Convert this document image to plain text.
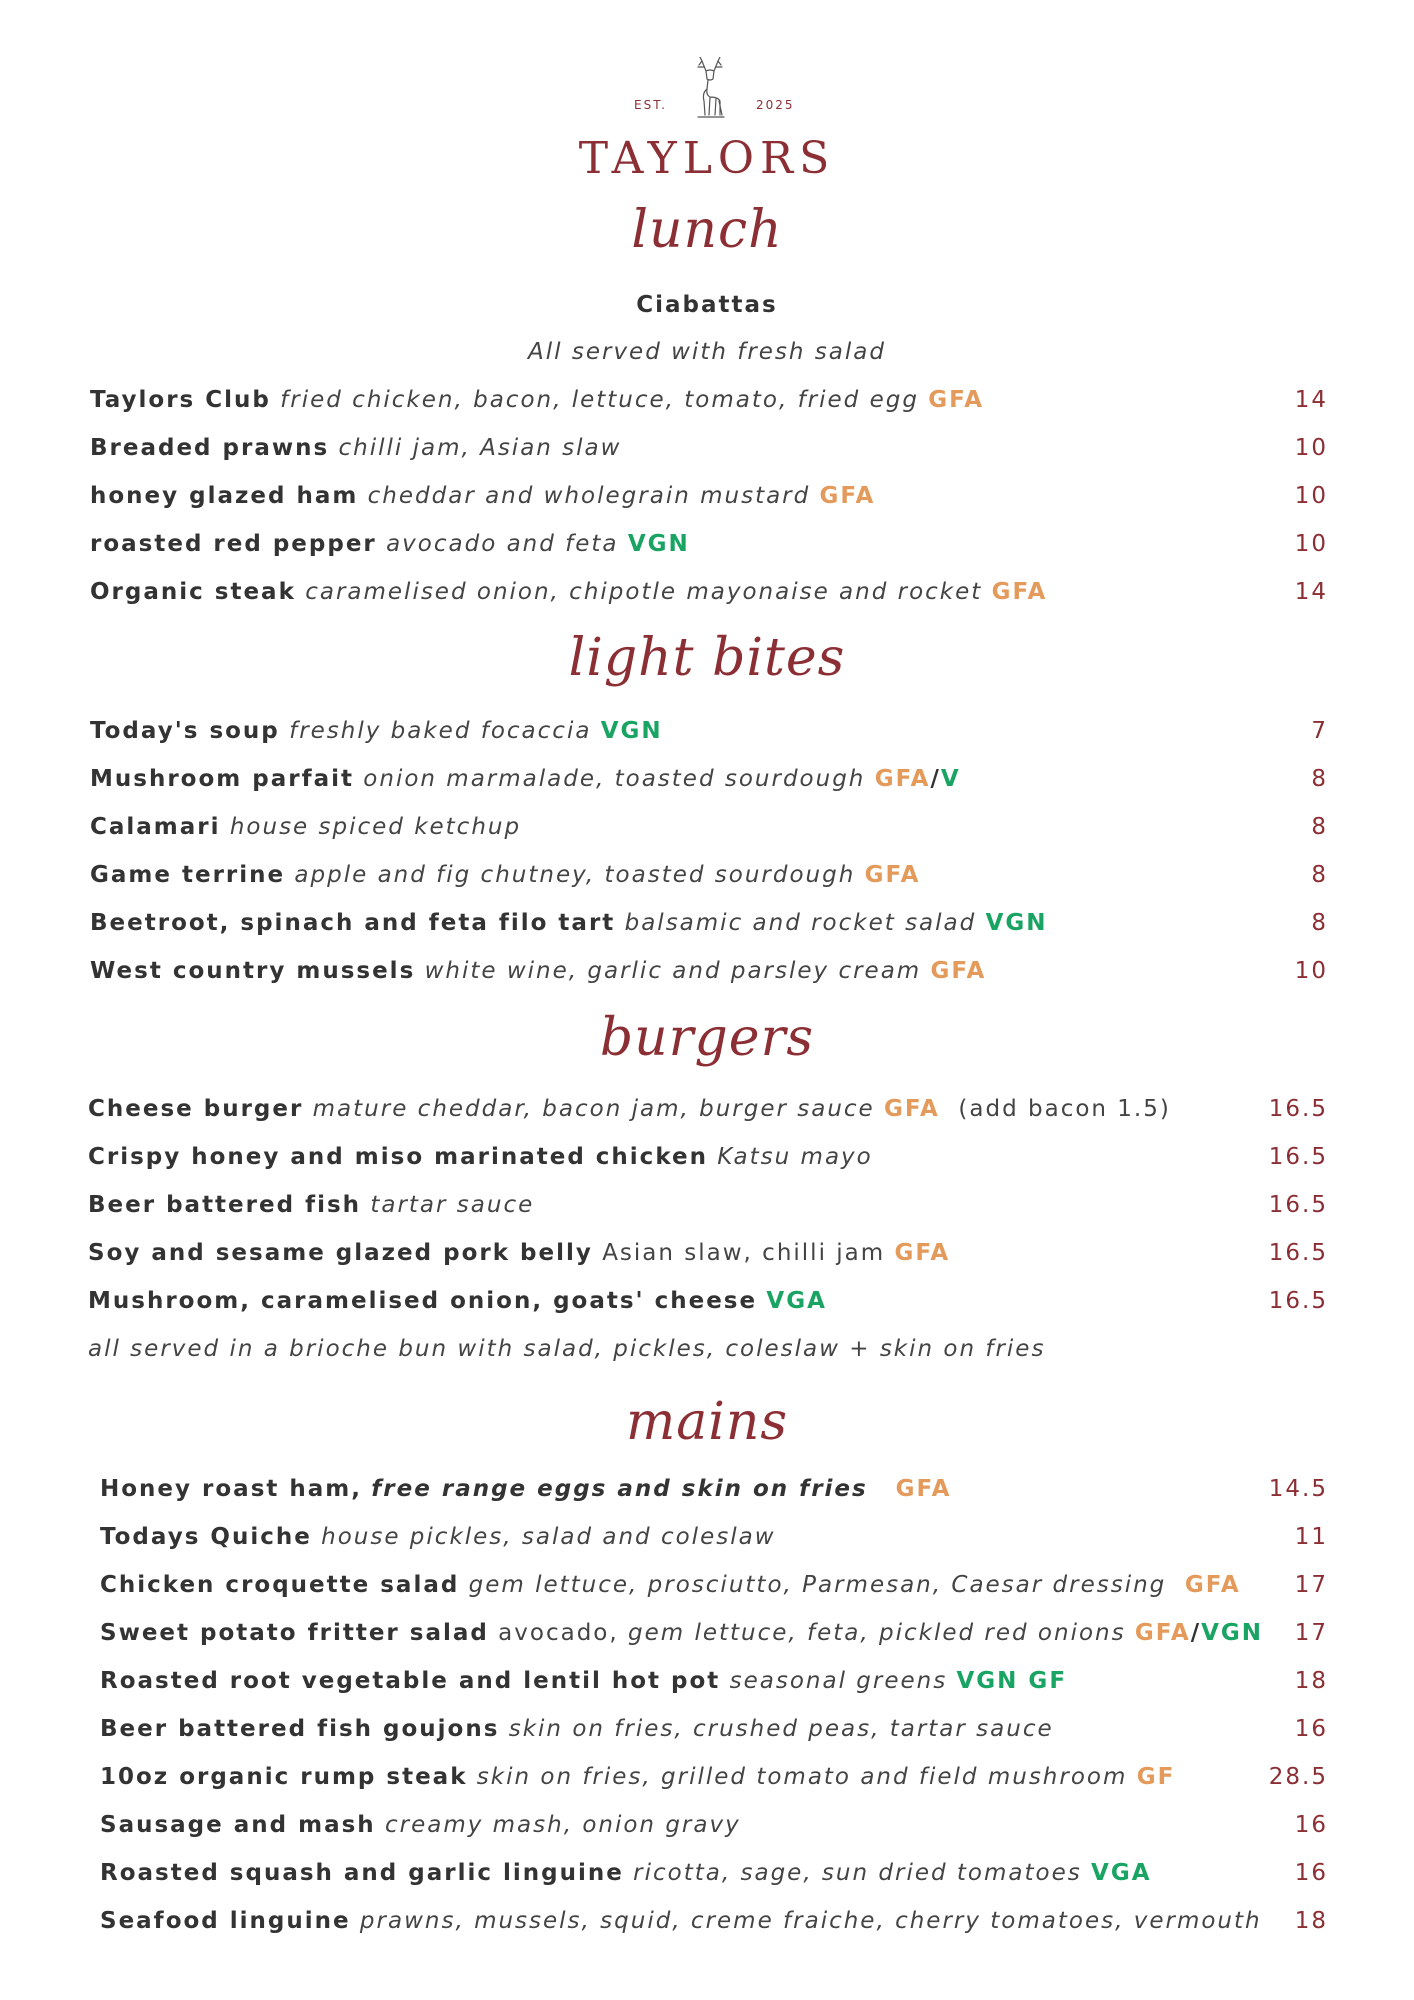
EST.	2025
TAYLORS
lunch
Ciabattas
All served with fresh salad
Taylors Club fried chicken, bacon, lettuce, tomato, fried egg GFA	14
Breaded prawns chilli jam, Asian slaw	10
honey glazed ham cheddar and wholegrain mustard GFA	10
roasted red pepper avocado and feta VGN	10
Organic steak caramelised onion, chipotle mayonaise and rocket GFA	14
light bites
Today's soup freshly baked focaccia VGN	7
Mushroom parfait onion marmalade, toasted sourdough GFA/V	8
Calamari house spiced ketchup	8
Game terrine apple and fig chutney, toasted sourdough GFA	8
Beetroot, spinach and feta filo tart balsamic and rocket salad VGN	8
West country mussels white wine, garlic and parsley cream GFA	10
burgers
Cheese burger mature cheddar, bacon jam, burger sauce GFA (add bacon 1.5)	16.5
Crispy honey and miso marinated chicken Katsu mayo	16.5
Beer battered fish tartar sauce	16.5
Soy and sesame glazed pork belly Asian slaw, chilli jam GFA	16.5
Mushroom, caramelised onion, goats' cheese VGA	16.5
all served in a brioche bun with salad, pickles, coleslaw + skin on fries
mains
Honey roast ham, free range eggs and skin on fries GFA	14.5
Todays Quiche house pickles, salad and coleslaw	11
Chicken croquette salad gem lettuce, prosciutto, Parmesan, Caesar dressing GFA	17
Sweet potato fritter salad avocado, gem lettuce, feta, pickled red onions GFA/VGN	17
Roasted root vegetable and lentil hot pot seasonal greens VGN GF	18
Beer battered fish goujons skin on fries, crushed peas, tartar sauce	16
10oz organic rump steak skin on fries, grilled tomato and field mushroom GF	28.5
Sausage and mash creamy mash, onion gravy	16
Roasted squash and garlic linguine ricotta, sage, sun dried tomatoes VGA	16
Seafood linguine prawns, mussels, squid, creme fraiche, cherry tomatoes, vermouth	18
